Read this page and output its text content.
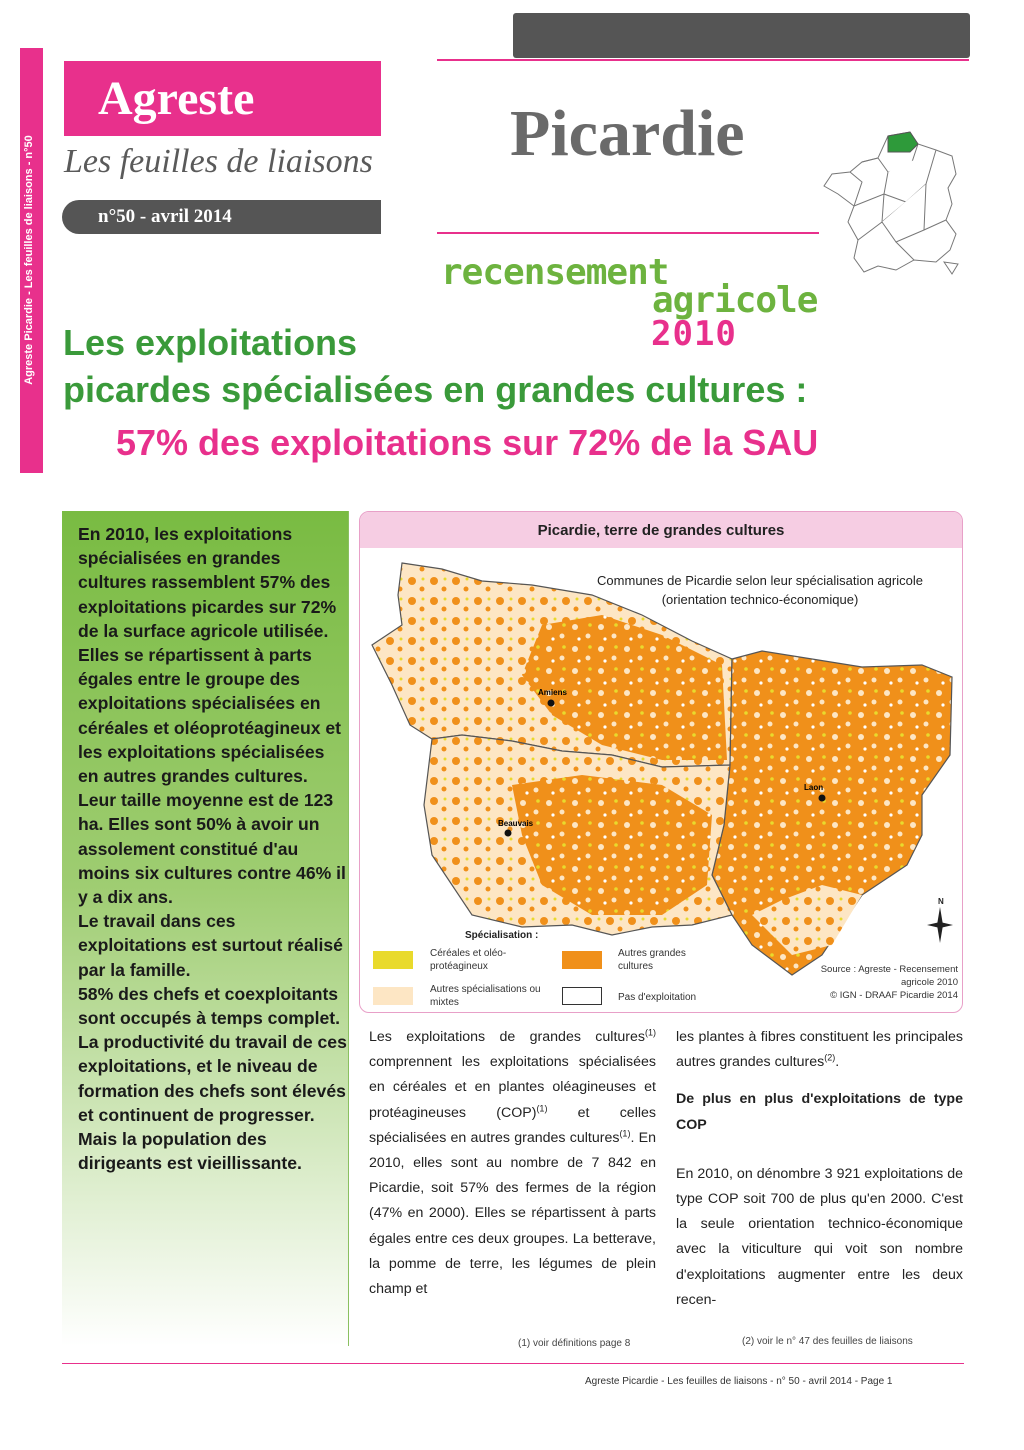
Agreste Picardie - Les feuilles de liaisons - n°50
Agreste
Les feuilles de liaisons
n°50 - avril 2014
Picardie
recensement
agricole
2010
Les exploitations
picardes spécialisées en grandes cultures :
57% des exploitations sur 72% de la SAU

En 2010, les exploitations spécialisées en grandes cultures rassemblent 57% des exploitations picardes sur 72% de la surface agricole utilisée.

Elles se répartissent à parts égales entre le groupe des exploitations spécialisées en céréales et oléoprotéagineux et les exploitations spécialisées en autres grandes cultures.

Leur taille moyenne est de 123 ha. Elles sont 50% à avoir un assolement constitué d'au moins six cultures contre 46% il y a dix ans.

Le travail dans ces exploitations est surtout réalisé par la famille.

58% des chefs et coexploitants sont occupés à temps complet.

La productivité du travail de ces exploitations, et le niveau de formation des chefs sont élevés et continuent de progresser.

Mais la population des dirigeants est vieillissante.

Picardie, terre de grandes cultures
Amiens
Laon
Beauvais
Communes de Picardie selon leur spécialisation agricole (orientation technico-économique)
N
Spécialisation :
Céréales et oléo-protéagineux
Autres grandes cultures
Autres spécialisations ou mixtes	Pas d'exploitation
Source : Agreste - Recensement agricole 2010
© IGN - DRAAF Picardie 2014

Les exploitations de grandes cultures$^{(1)}$ comprennent les exploitations spécialisées en céréales et en plantes oléagineuses et protéagineuses (COP)$^{(1)}$ et celles spécialisées en autres grandes cultures$^{(1)}$. En 2010, elles sont au nombre de 7 842 en Picardie, soit 57% des fermes de la région (47% en 2000). Elles se répartissent à parts égales entre ces deux groupes. La betterave, la pomme de terre, les légumes de plein champ et

(1) voir définitions page 8

les plantes à fibres constituent les principales autres grandes cultures$^{(2)}$.

De plus en plus d'exploitations de type COP

En 2010, on dénombre 3 921 exploitations de type COP soit 700 de plus qu'en 2000. C'est la seule orientation technico-économique avec la viticulture qui voit son nombre d'exploitations augmenter entre les deux recen-

(2) voir le n° 47 des feuilles de liaisons
Agreste Picardie - Les feuilles de liaisons - n° 50 - avril 2014 - Page 1
